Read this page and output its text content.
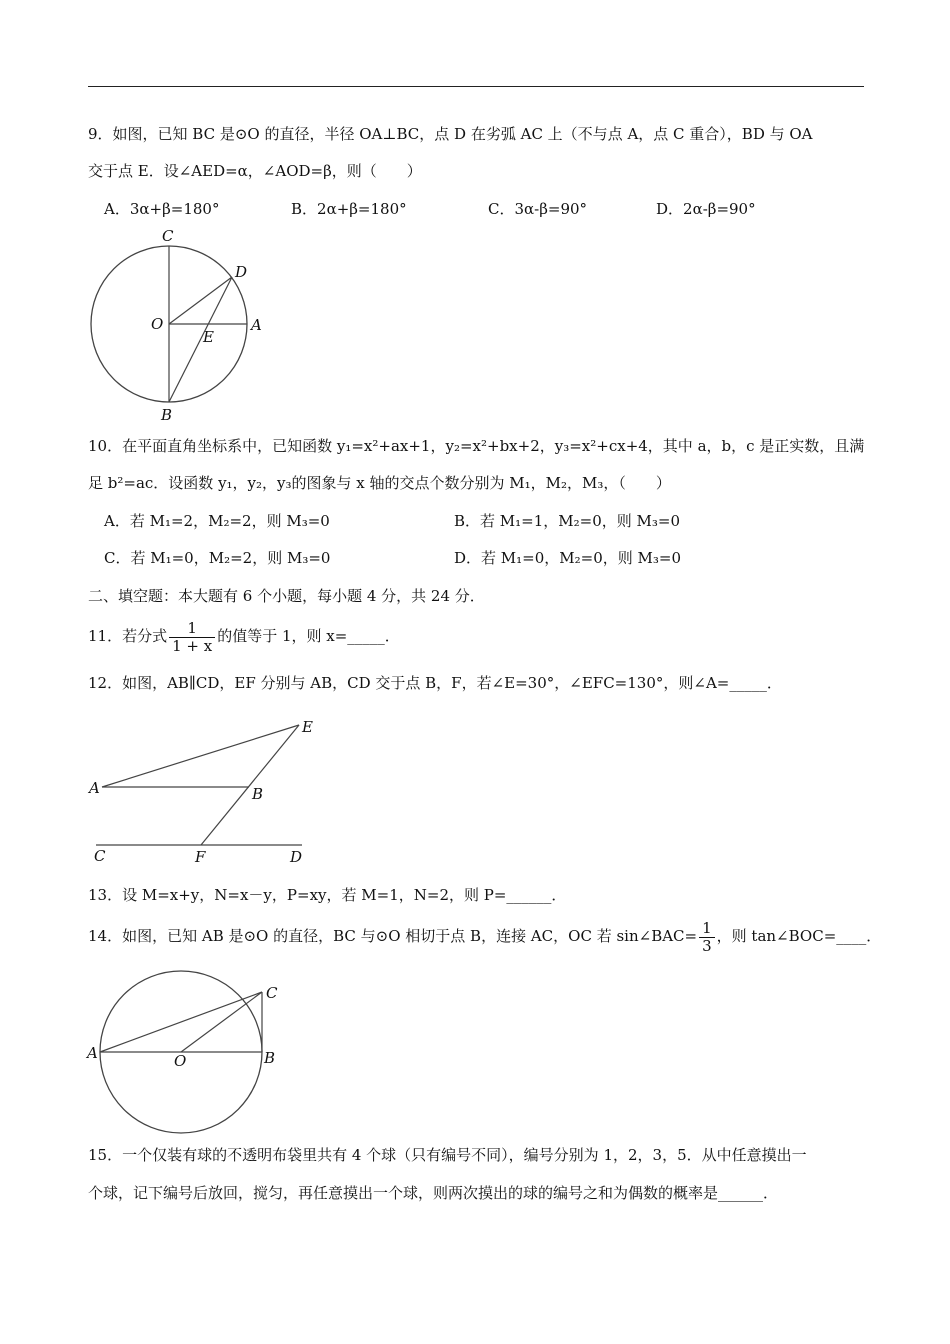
9．如图，已知 BC 是⊙O 的直径，半径 OA⊥BC，点 D 在劣弧 AC 上（不与点 A，点 C 重合），BD 与 OA
交于点 E．设∠AED=α，∠AOD=β，则（　　）
A．3α+β=180°	B．2α+β=180°	C．3α-β=90°	D．2α-β=90°
C
D
O
E
A
B
10．在平面直角坐标系中，已知函数 y₁=x²+ax+1，y₂=x²+bx+2，y₃=x²+cx+4，其中 a，b，c 是正实数，且满
足 b²=ac．设函数 y₁，y₂，y₃的图象与 x 轴的交点个数分别为 M₁，M₂，M₃，（　　）
A．若 M₁=2，M₂=2，则 M₃=0	B．若 M₁=1，M₂=0，则 M₃=0
C．若 M₁=0，M₂=2，则 M₃=0	D．若 M₁=0，M₂=0，则 M₃=0
二、填空题：本大题有 6 个小题，每小题 4 分，共 24 分．
11．若分式 $\frac{1}{1 + x}$ 的值等于 1，则 x=_____．
12．如图，AB∥CD，EF 分别与 AB，CD 交于点 B，F，若∠E=30°，∠EFC=130°，则∠A=_____．
E
A	B
C	F	D
13．设 M=x+y，N=x－y，P=xy，若 M=1，N=2，则 P=______．
14．如图，已知 AB 是⊙O 的直径，BC 与⊙O 相切于点 B，连接 AC，OC 若 sin∠BAC= $\frac{1}{3}$ ，则 tan∠BOC=____．
C
A	O	B
15．一个仅装有球的不透明布袋里共有 4 个球（只有编号不同），编号分别为 1，2，3，5．从中任意摸出一
个球，记下编号后放回，搅匀，再任意摸出一个球，则两次摸出的球的编号之和为偶数的概率是______．
